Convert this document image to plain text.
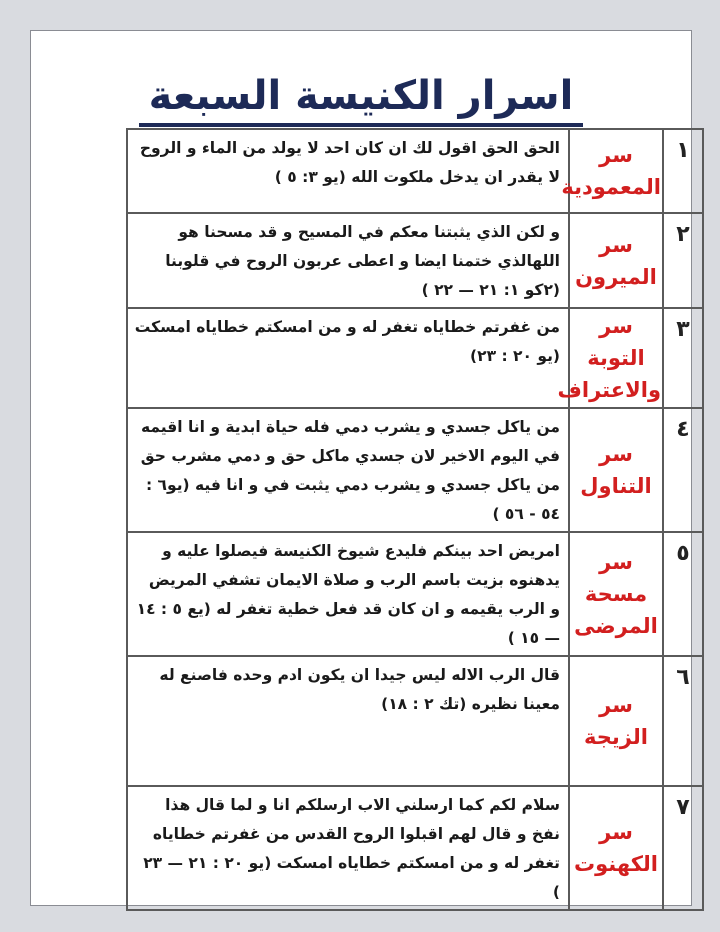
اسرار الكنيسة السبعة
الحق الحق اقول لك ان كان احد لا يولد من الماء و الروح لا يقدر ان يدخل ملكوت الله (يو ٣: ٥ )	سر المعمودية	١
و لكن الذي يثبتنا معكم في المسيح و قد مسحنا هو اللهالذي ختمنا ايضا و اعطى عربون الروح في قلوبنا (٢كو ١: ٢١ — ٢٢ )	سر الميرون	٢
من غفرتم خطاياه تغفر له و من امسكتم خطاياه امسكت (يو ٢٠ : ٢٣)	سر التوبة والاعتراف	٣
من ياكل جسدي و يشرب دمي فله حياة ابدية و انا اقيمه في اليوم الاخير لان جسدي ماكل حق و دمي مشرب حق من ياكل جسدي و يشرب دمي يثبت في و انا فيه (يو٦ : ٥٤ - ٥٦ )	سر التناول	٤
امريض احد بينكم فليدع شيوخ الكنيسة فيصلوا عليه و يدهنوه بزيت باسم الرب و صلاة الايمان تشفي المريض و الرب يقيمه و ان كان قد فعل خطية تغفر له (يع ٥ : ١٤ — ١٥ )	سر مسحة المرضى	٥
قال الرب الاله ليس جيدا ان يكون ادم وحده فاصنع له معينا نظيره (تك ٢ : ١٨)	سر الزيجة	٦
سلام لكم كما ارسلني الاب ارسلكم انا و لما قال هذا نفخ و قال لهم اقبلوا الروح القدس من غفرتم خطاياه تغفر له و من امسكتم خطاياه امسكت (يو ٢٠ : ٢١ — ٢٣ )	سر الكهنوت	٧
